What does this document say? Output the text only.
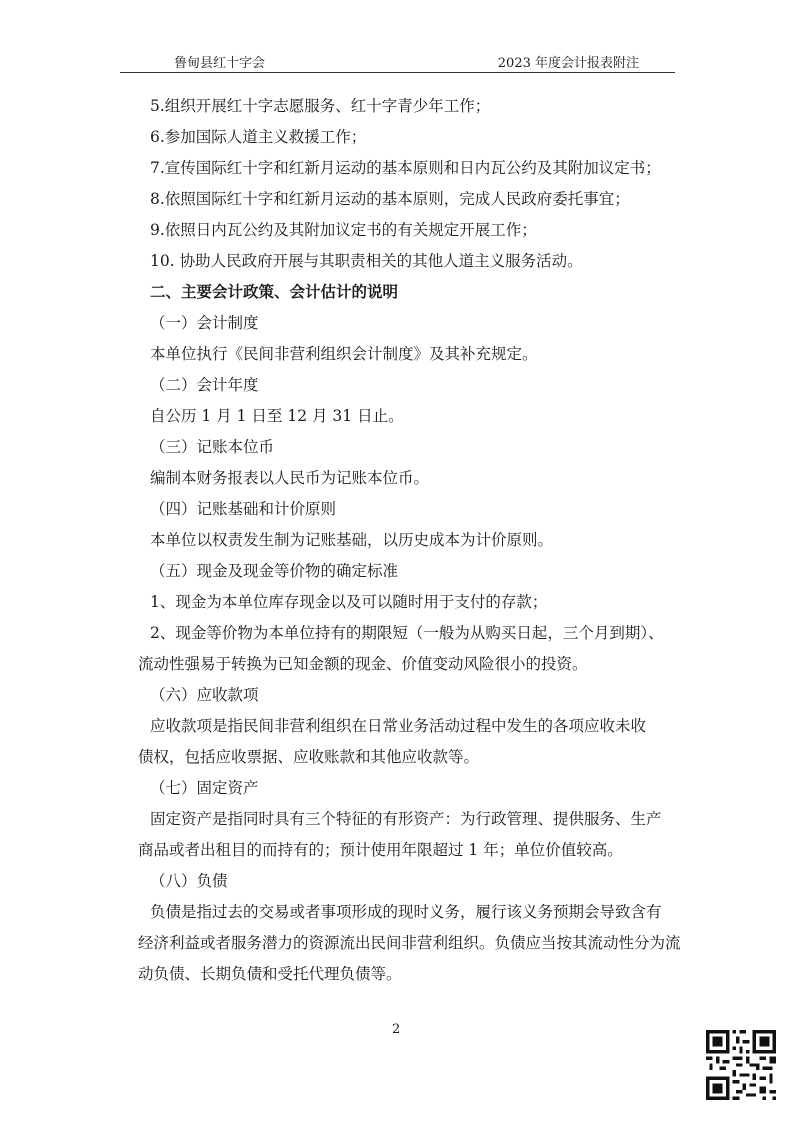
鲁甸县红十字会	2023 年度会计报表附注
5.组织开展红十字志愿服务、红十字青少年工作；
6.参加国际人道主义救援工作；
7.宣传国际红十字和红新月运动的基本原则和日内瓦公约及其附加议定书；
8.依照国际红十字和红新月运动的基本原则，完成人民政府委托事宜；
9.依照日内瓦公约及其附加议定书的有关规定开展工作；
10. 协助人民政府开展与其职责相关的其他人道主义服务活动。
二、主要会计政策、会计估计的说明
（一）会计制度
本单位执行《民间非营利组织会计制度》及其补充规定。
（二）会计年度
自公历 1 月 1 日至 12 月 31 日止。
（三）记账本位币
编制本财务报表以人民币为记账本位币。
（四）记账基础和计价原则
本单位以权责发生制为记账基础，以历史成本为计价原则。
（五）现金及现金等价物的确定标准
1、现金为本单位库存现金以及可以随时用于支付的存款；
2、现金等价物为本单位持有的期限短（一般为从购买日起，三个月到期）、
流动性强易于转换为已知金额的现金、价值变动风险很小的投资。
（六）应收款项
应收款项是指民间非营利组织在日常业务活动过程中发生的各项应收未收
债权，包括应收票据、应收账款和其他应收款等。
（七）固定资产
固定资产是指同时具有三个特征的有形资产：为行政管理、提供服务、生产
商品或者出租目的而持有的；预计使用年限超过 1 年；单位价值较高。
（八）负债
负债是指过去的交易或者事项形成的现时义务，履行该义务预期会导致含有
经济利益或者服务潜力的资源流出民间非营利组织。负债应当按其流动性分为流
动负债、长期负债和受托代理负债等。
2
